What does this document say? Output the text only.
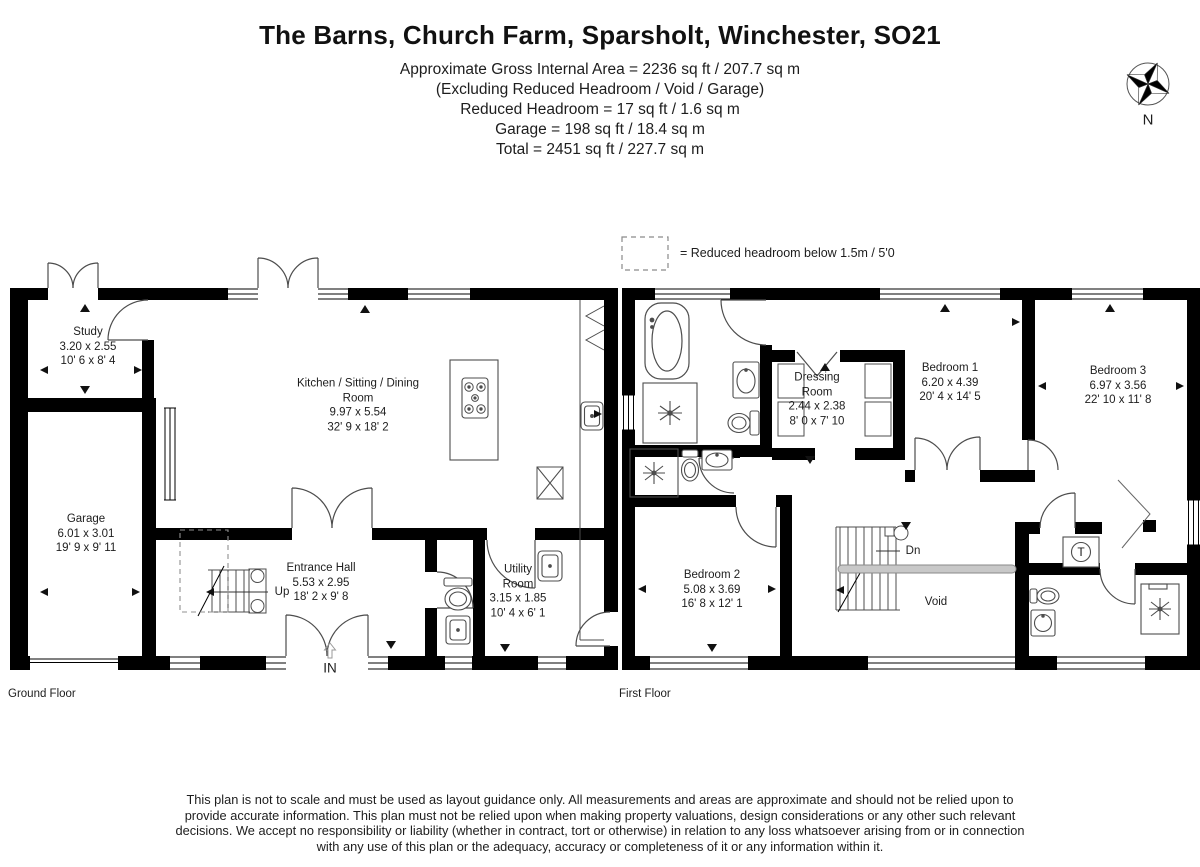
The Barns, Church Farm, Sparsholt, Winchester, SO21
Approximate Gross Internal Area = 2236 sq ft / 207.7 sq m
(Excluding Reduced Headroom / Void / Garage)
Reduced Headroom = 17 sq ft / 1.6 sq m
Garage = 198 sq ft / 18.4 sq m
Total = 2451 sq ft / 227.7 sq m
N
= Reduced headroom below 1.5m / 5'0
Study
3.20 x 2.55
10' 6 x 8' 4
Kitchen / Sitting / Dining Room
9.97 x 5.54
32' 9 x 18' 2
Garage
6.01 x 3.01
19' 9 x 9' 11
Entrance Hall
5.53 x 2.95
18' 2 x 9' 8
Utility Room
3.15 x 1.85
10' 4 x 6' 1
Bedroom 1
6.20 x 4.39
20' 4 x 14' 5
Dressing Room
2.44 x 2.38
8' 0 x 7' 10
Bedroom 3
6.97 x 3.56
22' 10 x 11' 8
Bedroom 2
5.08 x 3.69
16' 8 x 12' 1
Up
IN
Dn
Void
T
Ground Floor	First Floor
This plan is not to scale and must be used as layout guidance only. All measurements and areas are approximate and should not be relied upon to provide accurate information. This plan must not be relied upon when making property valuations, design considerations or any other such relevant decisions. We accept no responsibility or liability (whether in contract, tort or otherwise) in relation to any loss whatsoever arising from or in connection with any use of this plan or the adequacy, accuracy or completeness of it or any information within it.
